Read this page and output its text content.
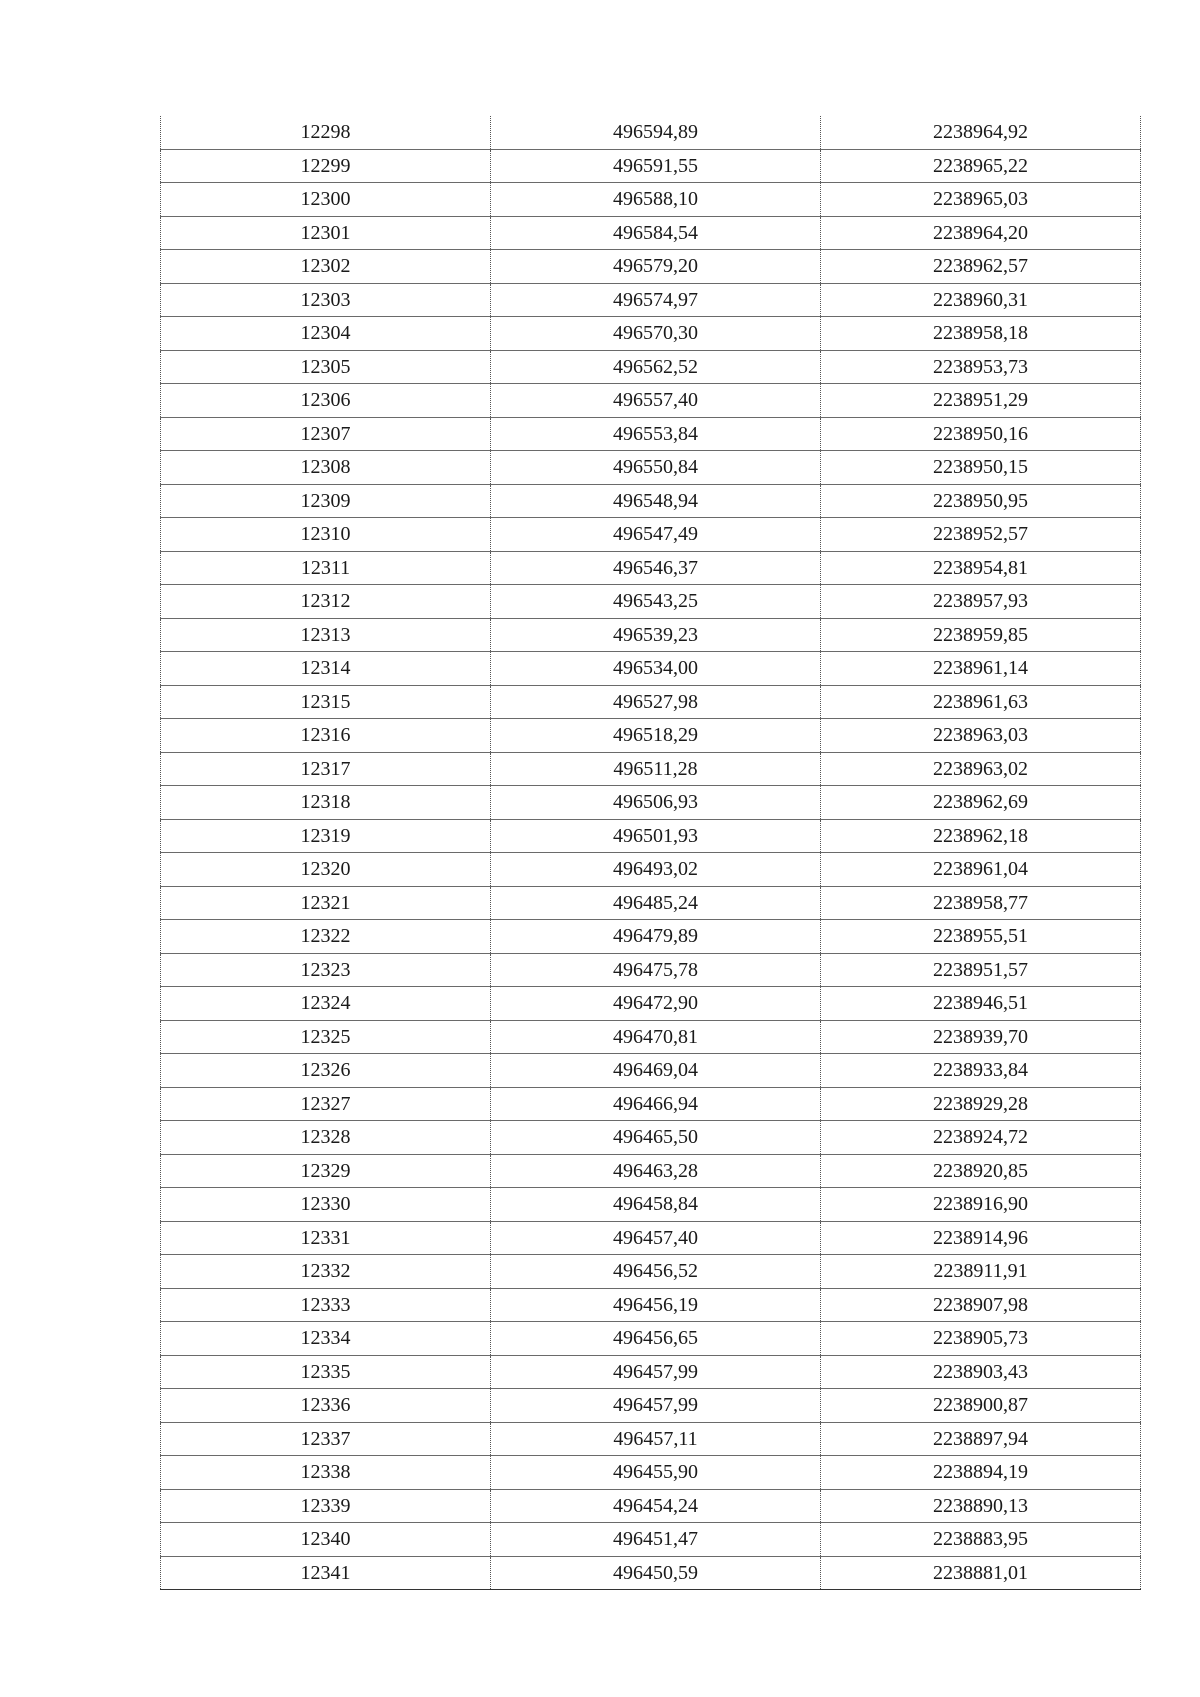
12298	496594,89	2238964,92
12299	496591,55	2238965,22
12300	496588,10	2238965,03
12301	496584,54	2238964,20
12302	496579,20	2238962,57
12303	496574,97	2238960,31
12304	496570,30	2238958,18
12305	496562,52	2238953,73
12306	496557,40	2238951,29
12307	496553,84	2238950,16
12308	496550,84	2238950,15
12309	496548,94	2238950,95
12310	496547,49	2238952,57
12311	496546,37	2238954,81
12312	496543,25	2238957,93
12313	496539,23	2238959,85
12314	496534,00	2238961,14
12315	496527,98	2238961,63
12316	496518,29	2238963,03
12317	496511,28	2238963,02
12318	496506,93	2238962,69
12319	496501,93	2238962,18
12320	496493,02	2238961,04
12321	496485,24	2238958,77
12322	496479,89	2238955,51
12323	496475,78	2238951,57
12324	496472,90	2238946,51
12325	496470,81	2238939,70
12326	496469,04	2238933,84
12327	496466,94	2238929,28
12328	496465,50	2238924,72
12329	496463,28	2238920,85
12330	496458,84	2238916,90
12331	496457,40	2238914,96
12332	496456,52	2238911,91
12333	496456,19	2238907,98
12334	496456,65	2238905,73
12335	496457,99	2238903,43
12336	496457,99	2238900,87
12337	496457,11	2238897,94
12338	496455,90	2238894,19
12339	496454,24	2238890,13
12340	496451,47	2238883,95
12341	496450,59	2238881,01
